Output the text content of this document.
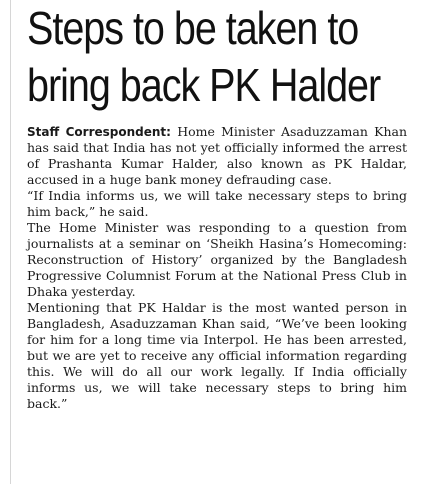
Steps to be taken to
bring back PK Halder

Staff Correspondent: Home Minister Asaduzzaman Khan has said that India has not yet officially informed the arrest of Prashanta Kumar Halder, also known as PK Haldar, accused in a huge bank money defrauding case.

“If India informs us, we will take necessary steps to bring him back,” he said.

The Home Minister was responding to a question from journalists at a seminar on ‘Sheikh Hasina’s Homecoming: Reconstruction of History’ organized by the Bangladesh Progressive Columnist Forum at the National Press Club in Dhaka yesterday.

Mentioning that PK Haldar is the most wanted person in Bangladesh, Asaduzzaman Khan said, “We’ve been looking for him for a long time via Interpol. He has been arrested, but we are yet to receive any official information regarding this. We will do all our work legally. If India officially informs us, we will take necessary steps to bring him back.”
